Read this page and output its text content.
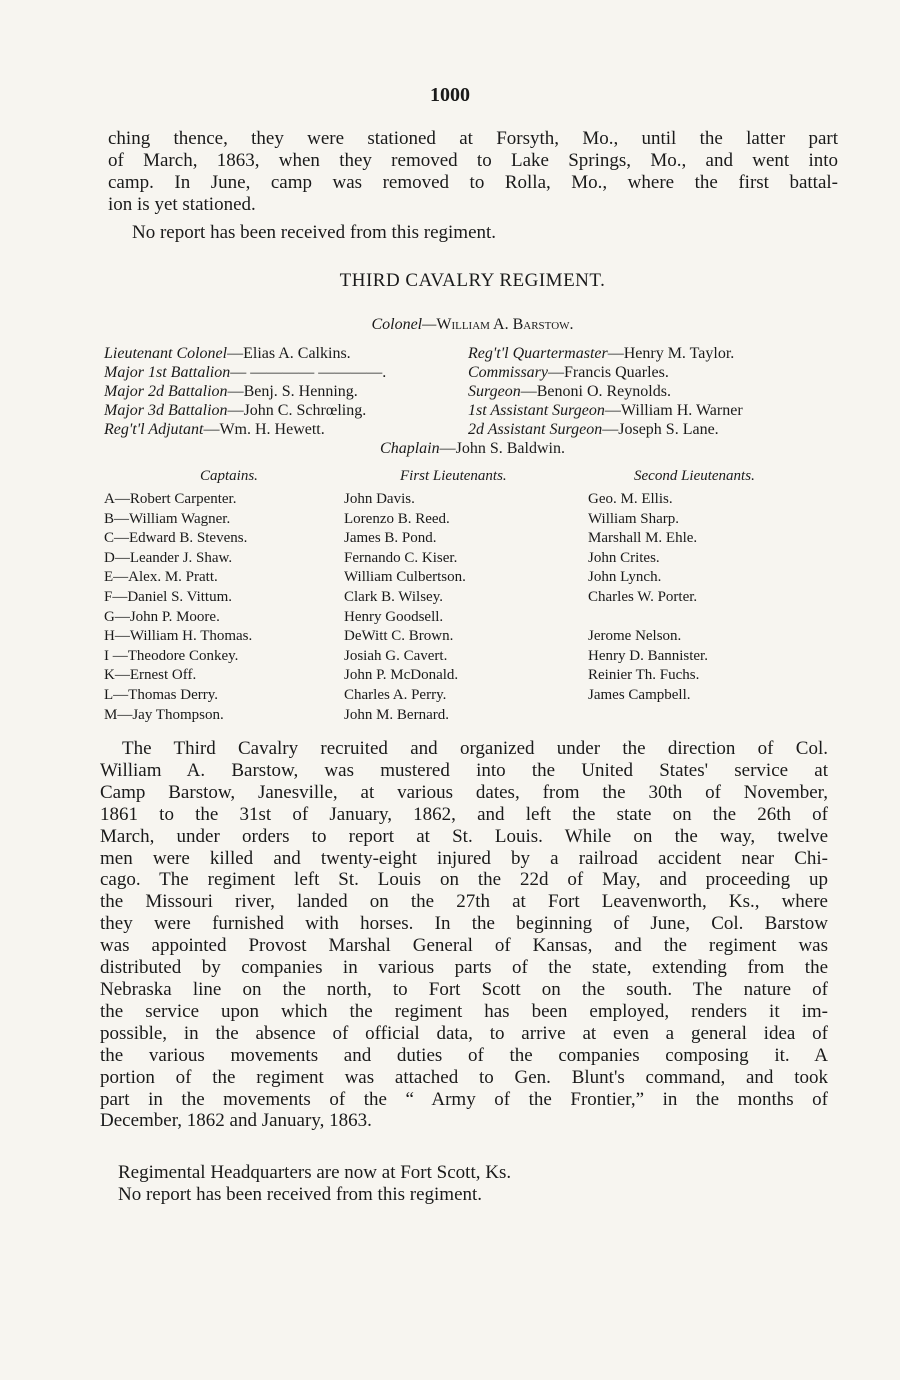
1000
ching thence, they were stationed at Forsyth, Mo., until the latter part
of March, 1863, when they removed to Lake Springs, Mo., and went into
camp. In June, camp was removed to Rolla, Mo., where the first battal-
ion is yet stationed.
No report has been received from this regiment.
THIRD CAVALRY REGIMENT.
Colonel—William A. Barstow.
Lieutenant Colonel—Elias A. Calkins.	Reg't'l Quartermaster—Henry M. Taylor.
Major 1st Battalion— ———— ————.	Commissary—Francis Quarles.
Major 2d Battalion—Benj. S. Henning.	Surgeon—Benoni O. Reynolds.
Major 3d Battalion—John C. Schrœling.	1st Assistant Surgeon—William H. Warner
Reg't'l Adjutant—Wm. H. Hewett.	2d Assistant Surgeon—Joseph S. Lane.
Chaplain—John S. Baldwin.
Captains.	First Lieutenants.	Second Lieutenants.
A—Robert Carpenter.	John Davis.	Geo. M. Ellis.
B—William Wagner.	Lorenzo B. Reed.	William Sharp.
C—Edward B. Stevens.	James B. Pond.	Marshall M. Ehle.
D—Leander J. Shaw.	Fernando C. Kiser.	John Crites.
E—Alex. M. Pratt.	William Culbertson.	John Lynch.
F—Daniel S. Vittum.	Clark B. Wilsey.	Charles W. Porter.
G—John P. Moore.	Henry Goodsell.
H—William H. Thomas.	DeWitt C. Brown.	Jerome Nelson.
I —Theodore Conkey.	Josiah G. Cavert.	Henry D. Bannister.
K—Ernest Off.	John P. McDonald.	Reinier Th. Fuchs.
L—Thomas Derry.	Charles A. Perry.	James Campbell.
M—Jay Thompson.	John M. Bernard.
The Third Cavalry recruited and organized under the direction of Col.
William A. Barstow, was mustered into the United States' service at
Camp Barstow, Janesville, at various dates, from the 30th of November,
1861 to the 31st of January, 1862, and left the state on the 26th of
March, under orders to report at St. Louis. While on the way, twelve
men were killed and twenty-eight injured by a railroad accident near Chi-
cago. The regiment left St. Louis on the 22d of May, and proceeding up
the Missouri river, landed on the 27th at Fort Leavenworth, Ks., where
they were furnished with horses. In the beginning of June, Col. Barstow
was appointed Provost Marshal General of Kansas, and the regiment was
distributed by companies in various parts of the state, extending from the
Nebraska line on the north, to Fort Scott on the south. The nature of
the service upon which the regiment has been employed, renders it im-
possible, in the absence of official data, to arrive at even a general idea of
the various movements and duties of the companies composing it. A
portion of the regiment was attached to Gen. Blunt's command, and took
part in the movements of the “ Army of the Frontier,” in the months of
December, 1862 and January, 1863.
Regimental Headquarters are now at Fort Scott, Ks.
No report has been received from this regiment.
